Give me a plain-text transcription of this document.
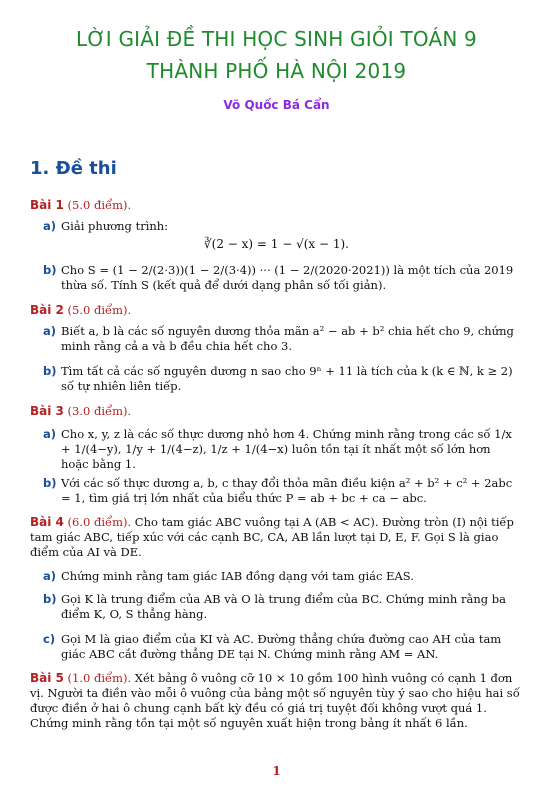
LỜI GIẢI ĐỀ THI HỌC SINH GIỎI TOÁN 9
THÀNH PHỐ HÀ NỘI 2019
Võ Quốc Bá Cẩn
1. Đề thi
Bài 1 (5.0 điểm).
a) Giải phương trình:
∛(2 − x) = 1 − √(x − 1).
b) Cho S = (1 − 2/(2·3))(1 − 2/(3·4)) ··· (1 − 2/(2020·2021)) là một tích của 2019 thừa số. Tính S (kết quả để dưới dạng phân số tối giản).
Bài 2 (5.0 điểm).
a) Biết a, b là các số nguyên dương thỏa mãn a² − ab + b² chia hết cho 9, chứng minh rằng cả a và b đều chia hết cho 3.
b) Tìm tất cả các số nguyên dương n sao cho 9ⁿ + 11 là tích của k (k ∈ ℕ, k ≥ 2) số tự nhiên liên tiếp.
Bài 3 (3.0 điểm).
a) Cho x, y, z là các số thực dương nhỏ hơn 4. Chứng minh rằng trong các số 1/x + 1/(4−y), 1/y + 1/(4−z), 1/z + 1/(4−x) luôn tồn tại ít nhất một số lớn hơn hoặc bằng 1.
b) Với các số thực dương a, b, c thay đổi thỏa mãn điều kiện a² + b² + c² + 2abc = 1, tìm giá trị lớn nhất của biểu thức P = ab + bc + ca − abc.
Bài 4 (6.0 điểm). Cho tam giác ABC vuông tại A (AB < AC). Đường tròn (I) nội tiếp tam giác ABC, tiếp xúc với các cạnh BC, CA, AB lần lượt tại D, E, F. Gọi S là giao điểm của AI và DE.
a) Chứng minh rằng tam giác IAB đồng dạng với tam giác EAS.
b) Gọi K là trung điểm của AB và O là trung điểm của BC. Chứng minh rằng ba điểm K, O, S thẳng hàng.
c) Gọi M là giao điểm của KI và AC. Đường thẳng chứa đường cao AH của tam giác ABC cắt đường thẳng DE tại N. Chứng minh rằng AM = AN.
Bài 5 (1.0 điểm). Xét bảng ô vuông cỡ 10 × 10 gồm 100 hình vuông có cạnh 1 đơn vị. Người ta điền vào mỗi ô vuông của bảng một số nguyên tùy ý sao cho hiệu hai số được điền ở hai ô chung cạnh bất kỳ đều có giá trị tuyệt đối không vượt quá 1. Chứng minh rằng tồn tại một số nguyên xuất hiện trong bảng ít nhất 6 lần.
1
